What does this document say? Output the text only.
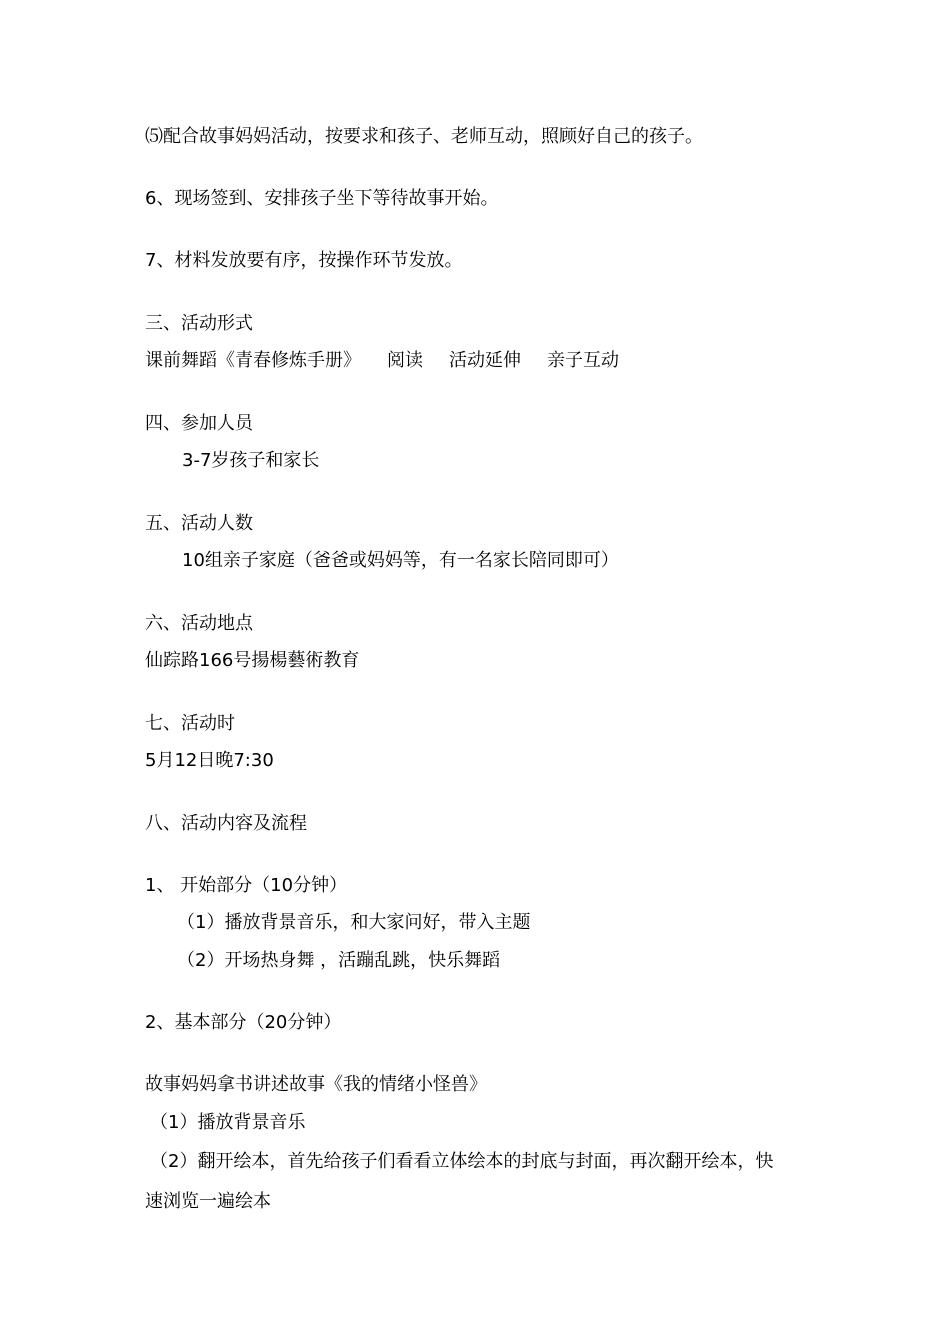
⑸配合故事妈妈活动，按要求和孩子、老师互动，照顾好自己的孩子。
6、现场签到、安排孩子坐下等待故事开始。
7、材料发放要有序，按操作环节发放。
三、活动形式
课前舞蹈《青春修炼手册》 阅读 活动延伸 亲子互动
四、参加人员
3-7岁孩子和家长
五、活动人数
10组亲子家庭（爸爸或妈妈等，有一名家长陪同即可）
六、活动地点
仙踪路166号揚楊藝術教育
七、活动时
5月12日晚7:30
八、活动内容及流程
1、 开始部分（10分钟）
（1）播放背景音乐，和大家问好，带入主题
（2）开场热身舞 ，活蹦乱跳，快乐舞蹈
2、基本部分（20分钟）
故事妈妈拿书讲述故事《我的情绪小怪兽》
（1）播放背景音乐
（2）翻开绘本，首先给孩子们看看立体绘本的封底与封面，再次翻开绘本，快
速浏览一遍绘本
